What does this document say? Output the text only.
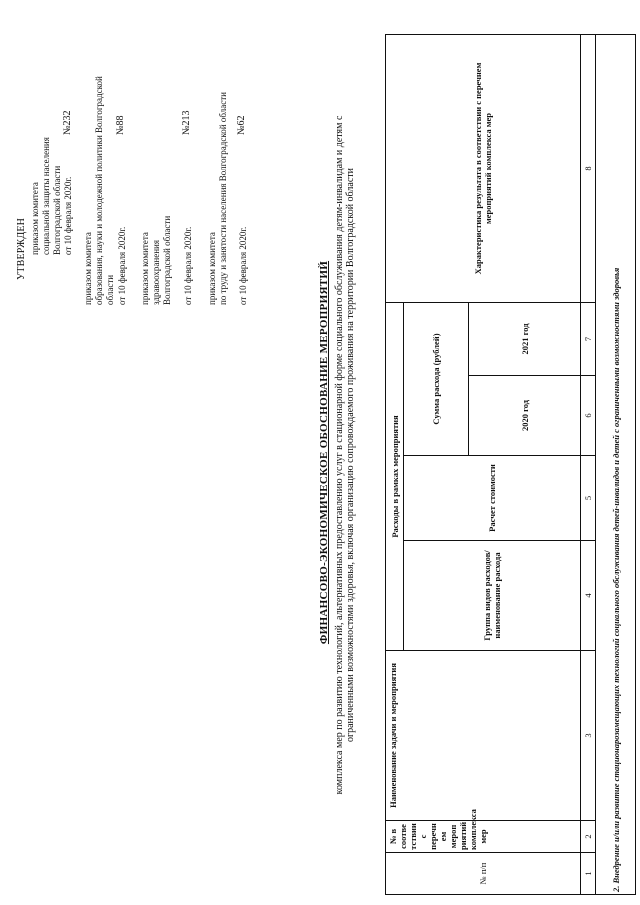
УТВЕРЖДЕН приказом комитета социальной защиты населения Волгоградской области от 10 февраля 2020г.
№232
приказом комитета образования, науки и молодежной политики Волгоградской области от 10 февраля 2020г.
№88
приказом комитета здравоохранения Волгоградской области от 10 февраля 2020г.
№213
приказом комитета по труду и занятости населения Волгоградской области от 10 февраля 2020г.
№62
ФИНАНСОВО-ЭКОНОМИЧЕСКОЕ ОБОСНОВАНИЕ МЕРОПРИЯТИЙ комплекса мер по развитию технологий, альтернативных предоставлению услуг в стационарной форме социального обслуживания детям-инвалидам и детям с ограниченными возможностями здоровья, включая организацию сопровождаемого проживания на территории Волгоградской области
№ п/п	№ в соотве тствии с перечн ем мероп риятий комплекса мер	Наименование задачи и мероприятия	Расходы в рамках мероприятия				Характеристика результата в соответствии с перечнем мероприятий комплекса мер
			Группа видов расходов/наименование расхода	Расчет стоимости	Сумма расхода (рублей)		
					2020 год	2021 год	
1	2	3	4	5	6	7	8
2. Внедрение и/или развитие стационарозамещающих технологий социального обслуживания детей-инвалидов и детей с ограниченными возможностями здоровья							
